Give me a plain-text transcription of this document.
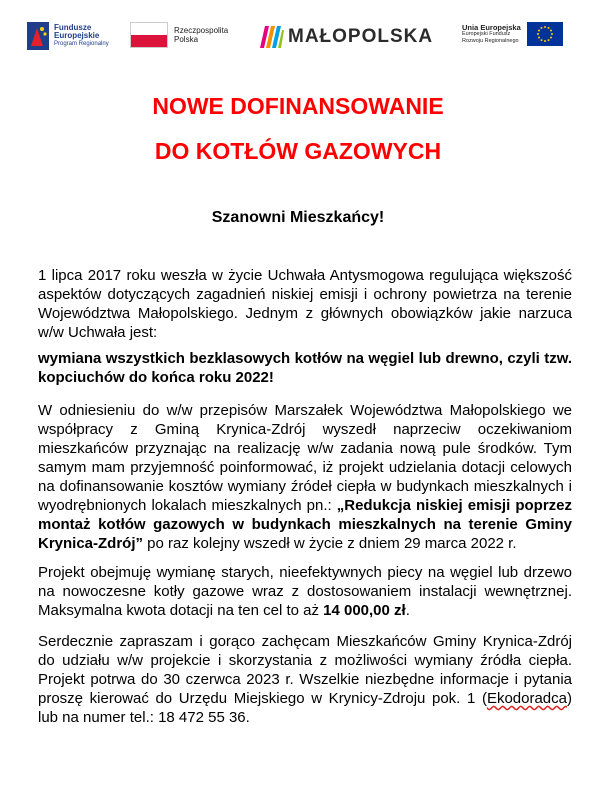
Fundusze
Europejskie
Program Regionalny
Rzeczpospolita
Polska	MAŁOPOLSKA	Unia Europejska
Europejski Fundusz
Rozwoju Regionalnego
NOWE DOFINANSOWANIE
DO KOTŁÓW GAZOWYCH
Szanowni Mieszkańcy!

1 lipca 2017 roku weszła w życie Uchwała Antysmogowa regulująca większość aspektów dotyczących zagadnień niskiej emisji i ochrony powietrza na terenie Województwa Małopolskiego. Jednym z głównych obowiązków jakie narzuca w/w Uchwała jest:

wymiana wszystkich bezklasowych kotłów na węgiel lub drewno, czyli tzw. kopciuchów do końca roku 2022!

W odniesieniu do w/w przepisów Marszałek Województwa Małopolskiego we współpracy z Gminą Krynica-Zdrój wyszedł naprzeciw oczekiwaniom mieszkańców przyznając na realizację w/w zadania nową pule środków. Tym samym mam przyjemność poinformować, iż projekt udzielania dotacji celowych na dofinansowanie kosztów wymiany źródeł ciepła w budynkach mieszkalnych i wyodrębnionych lokalach mieszkalnych pn.: „Redukcja niskiej emisji poprzez montaż kotłów gazowych w budynkach mieszkalnych na terenie Gminy Krynica-Zdrój” po raz kolejny wszedł w życie z dniem 29 marca 2022 r.

Projekt obejmuję wymianę starych, nieefektywnych piecy na węgiel lub drzewo na nowoczesne kotły gazowe wraz z dostosowaniem instalacji wewnętrznej. Maksymalna kwota dotacji na ten cel to aż 14 000,00 zł.

Serdecznie zapraszam i gorąco zachęcam Mieszkańców Gminy Krynica-Zdrój do udziału w/w projekcie i skorzystania z możliwości wymiany źródła ciepła. Projekt potrwa do 30 czerwca 2023 r. Wszelkie niezbędne informacje i pytania proszę kierować do Urzędu Miejskiego w Krynicy-Zdroju pok. 1 (Ekodoradca) lub na numer tel.: 18 472 55 36.
